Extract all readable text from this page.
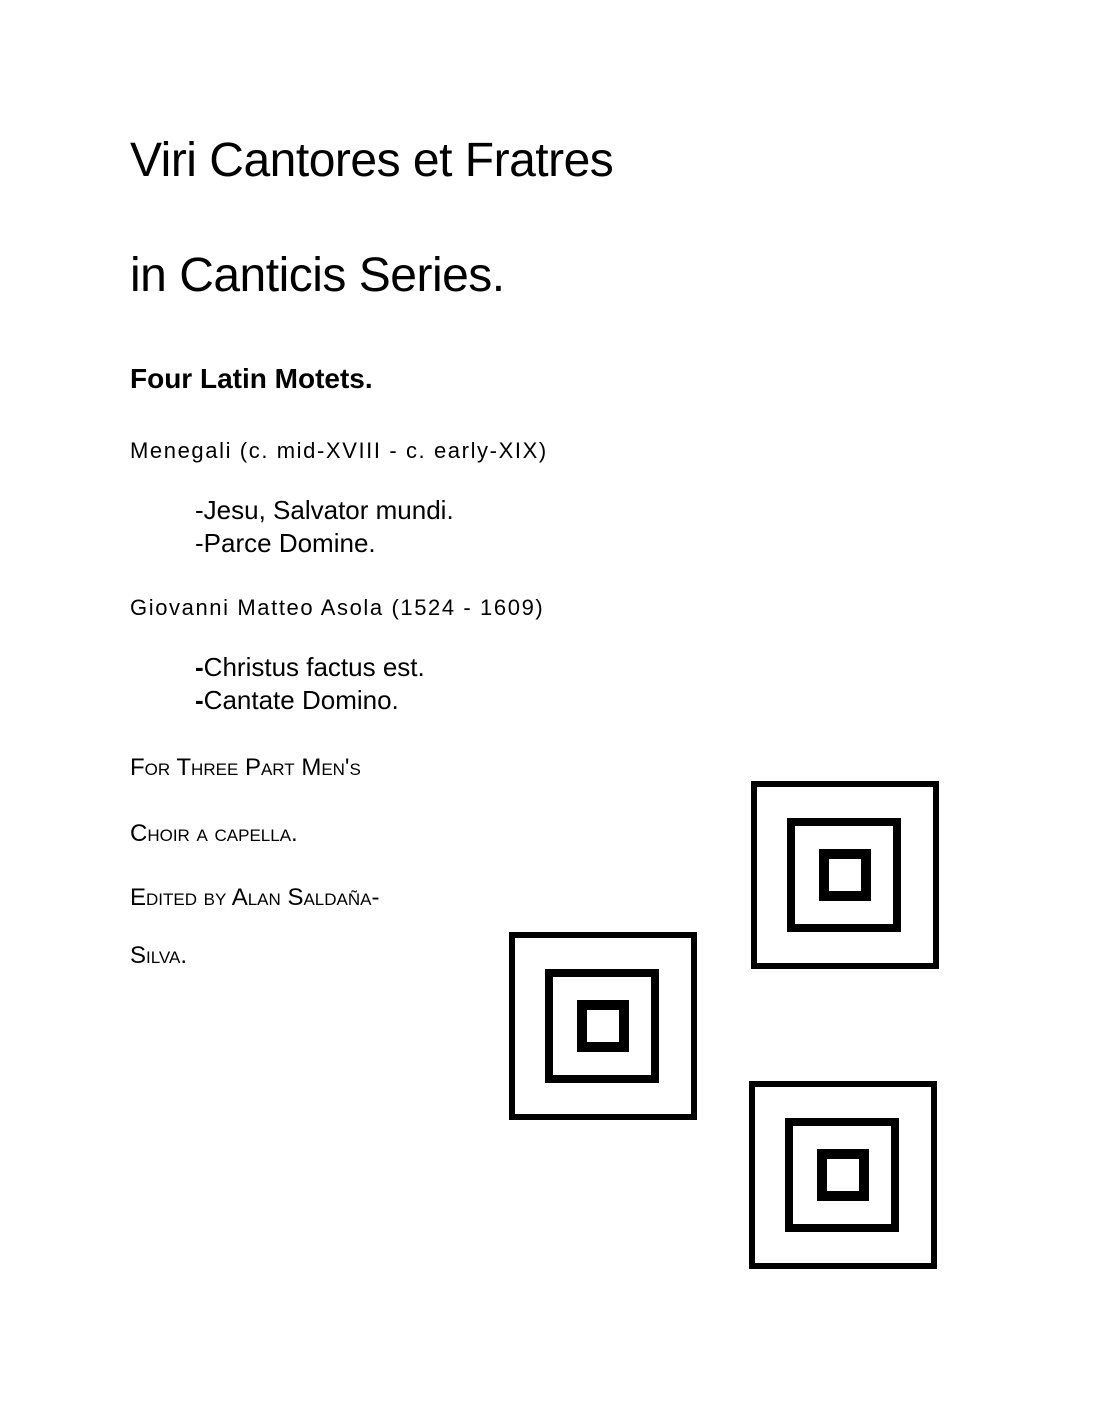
Viri Cantores et Fratres
in Canticis Series.
Four Latin Motets.
Menegali (c. mid-XVIII - c. early-XIX)
-Jesu, Salvator mundi.
-Parce Domine.
Giovanni Matteo Asola (1524 - 1609)
-Christus factus est.
-Cantate Domino.
For Three Part Men's
Choir a capella.
Edited by Alan Saldaña-
Silva.
